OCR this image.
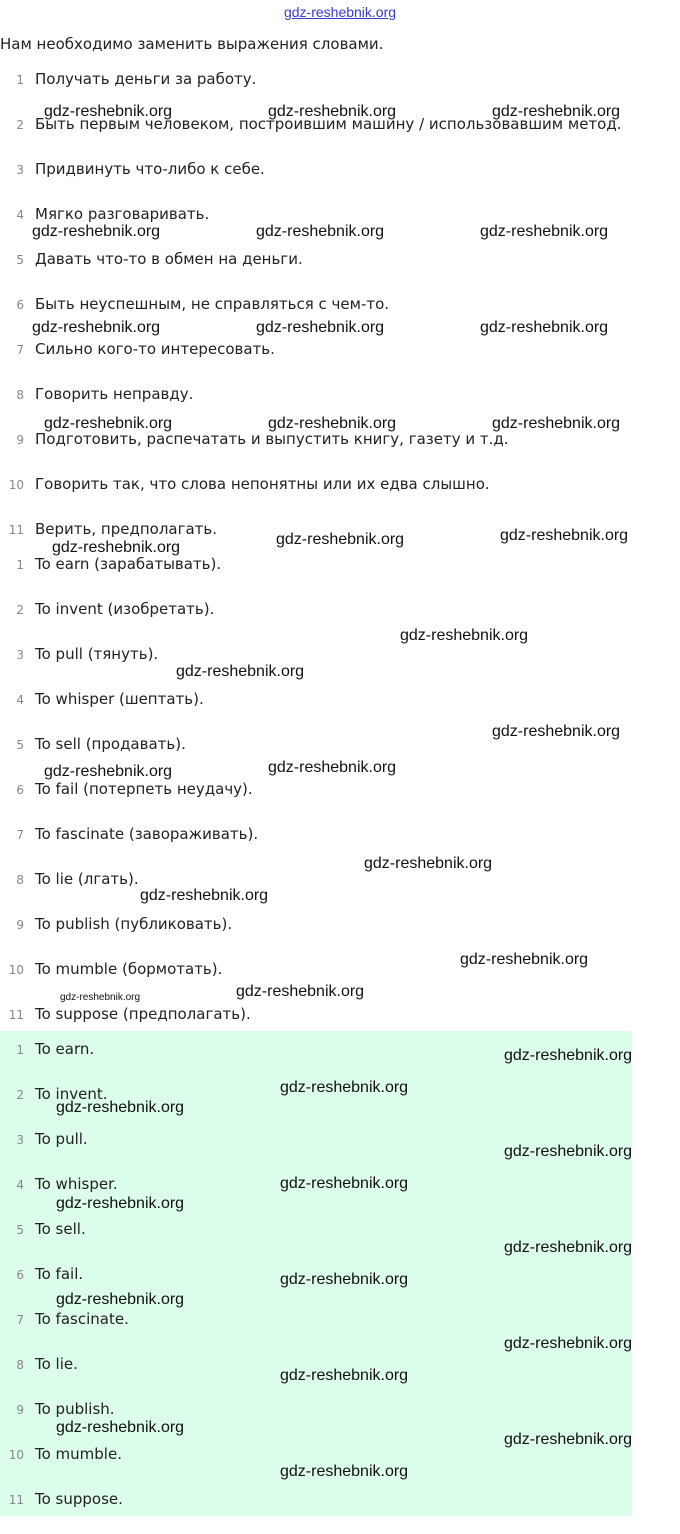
gdz-reshebnik.org
Нам необходимо заменить выражения словами.
1 Получать деньги за работу.
2 Быть первым человеком, построившим машину / использовавшим метод.
3 Придвинуть что-либо к себе.
4 Мягко разговаривать.
5 Давать что-то в обмен на деньги.
6 Быть неуспешным, не справляться с чем-то.
7 Сильно кого-то интересовать.
8 Говорить неправду.
9 Подготовить, распечатать и выпустить книгу, газету и т.д.
10 Говорить так, что слова непонятны или их едва слышно.
11 Верить, предполагать.
1 To earn (зарабатывать).
2 To invent (изобретать).
3 To pull (тянуть).
4 To whisper (шептать).
5 To sell (продавать).
6 To fail (потерпеть неудачу).
7 To fascinate (завораживать).
8 To lie (лгать).
9 To publish (публиковать).
10 To mumble (бормотать).
11 To suppose (предполагать).
1 To earn.
2 To invent.
3 To pull.
4 To whisper.
5 To sell.
6 To fail.
7 To fascinate.
8 To lie.
9 To publish.
10 To mumble.
11 To suppose.
gdz-reshebnik.org	gdz-reshebnik.org	gdz-reshebnik.org
gdz-reshebnik.org	gdz-reshebnik.org	gdz-reshebnik.org
gdz-reshebnik.org	gdz-reshebnik.org	gdz-reshebnik.org
gdz-reshebnik.org	gdz-reshebnik.org	gdz-reshebnik.org
gdz-reshebnik.org	gdz-reshebnik.org	gdz-reshebnik.org
gdz-reshebnik.org
gdz-reshebnik.org
gdz-reshebnik.org
gdz-reshebnik.org	gdz-reshebnik.org
gdz-reshebnik.org
gdz-reshebnik.org
gdz-reshebnik.org
gdz-reshebnik.org	gdz-reshebnik.org
gdz-reshebnik.org
gdz-reshebnik.org
gdz-reshebnik.org
gdz-reshebnik.org
gdz-reshebnik.org
gdz-reshebnik.org
gdz-reshebnik.org
gdz-reshebnik.org
gdz-reshebnik.org
gdz-reshebnik.org
gdz-reshebnik.org
gdz-reshebnik.org
gdz-reshebnik.org
gdz-reshebnik.org
